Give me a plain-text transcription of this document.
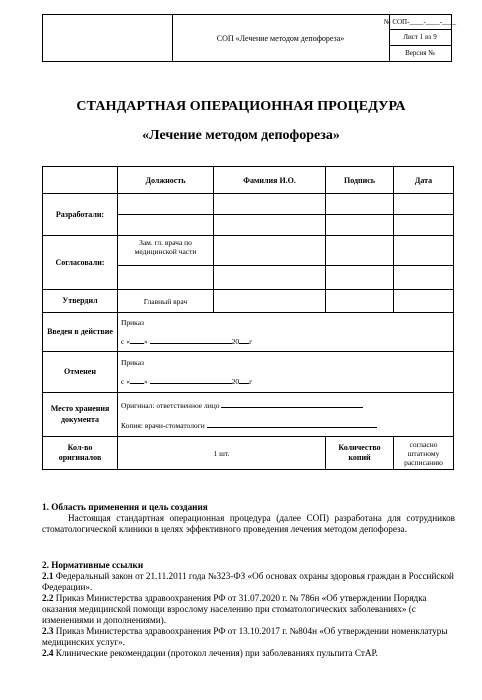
СОП «Лечение методом депофореза»
№ СОП-____-____-____
Лист 1 из 9
Версия №
СТАНДАРТНАЯ ОПЕРАЦИОННАЯ ПРОЦЕДУРА
«Лечение методом депофореза»
	Должность	Фамилия И.О.	Подпись	Дата
Разработали:				

Согласовали:	Зам. гл. врача по медицинской части			

Утвердил	Главный врач			
Введен в действие	Приказ
с « » 20 г			

Отменен	Приказ
с « » 20 г			

Место хранения документа	Оригинал: ответственное лицо
Копия: врачи-стоматологи			

Кол-во оригиналов	1 шт.		Количество копий	согласно штатному расписанию
1. Область применения и цель создания
Настоящая стандартная операционная процедура (далее СОП) разработана для сотрудников стоматологической клиники в целях эффективного проведения лечения методом депофореза.
2. Нормативные ссылки
2.1 Федеральный закон от 21.11.2011 года №323-ФЗ «Об основах охраны здоровья граждан в Российской Федерации».
2.2 Приказ Министерства здравоохранения РФ от 31.07.2020 г. № 786н «Об утверждении Порядка оказания медицинской помощи взрослому населению при стоматологических заболеваниях» (с изменениями и дополнениями).
2.3 Приказ Министерства здравоохранения РФ от 13.10.2017 г. №804н «Об утверждении номенклатуры медицинских услуг».
2.4 Клинические рекомендации (протокол лечения) при заболеваниях пульпита СтАР.
